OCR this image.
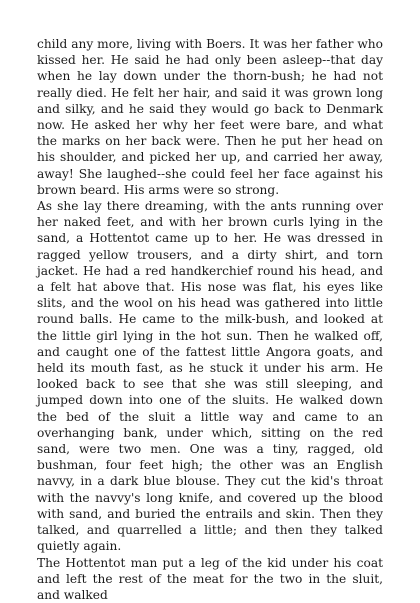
child any more, living with Boers. It was her father who kissed her. He said he had only been asleep--that day when he lay down under the thorn-bush; he had not really died. He felt her hair, and said it was grown long and silky, and he said they would go back to Denmark now. He asked her why her feet were bare, and what the marks on her back were. Then he put her head on his shoulder, and picked her up, and carried her away, away! She laughed--she could feel her face against his brown beard. His arms were so strong.

As she lay there dreaming, with the ants running over her naked feet, and with her brown curls lying in the sand, a Hottentot came up to her. He was dressed in ragged yellow trousers, and a dirty shirt, and torn jacket. He had a red handkerchief round his head, and a felt hat above that. His nose was flat, his eyes like slits, and the wool on his head was gathered into little round balls. He came to the milk-bush, and looked at the little girl lying in the hot sun. Then he walked off, and caught one of the fattest little Angora goats, and held its mouth fast, as he stuck it under his arm. He looked back to see that she was still sleeping, and jumped down into one of the sluits. He walked down the bed of the sluit a little way and came to an overhanging bank, under which, sitting on the red sand, were two men. One was a tiny, ragged, old bushman, four feet high; the other was an English navvy, in a dark blue blouse. They cut the kid's throat with the navvy's long knife, and covered up the blood with sand, and buried the entrails and skin. Then they talked, and quarrelled a little; and then they talked quietly again.

The Hottentot man put a leg of the kid under his coat and left the rest of the meat for the two in the sluit, and walked
